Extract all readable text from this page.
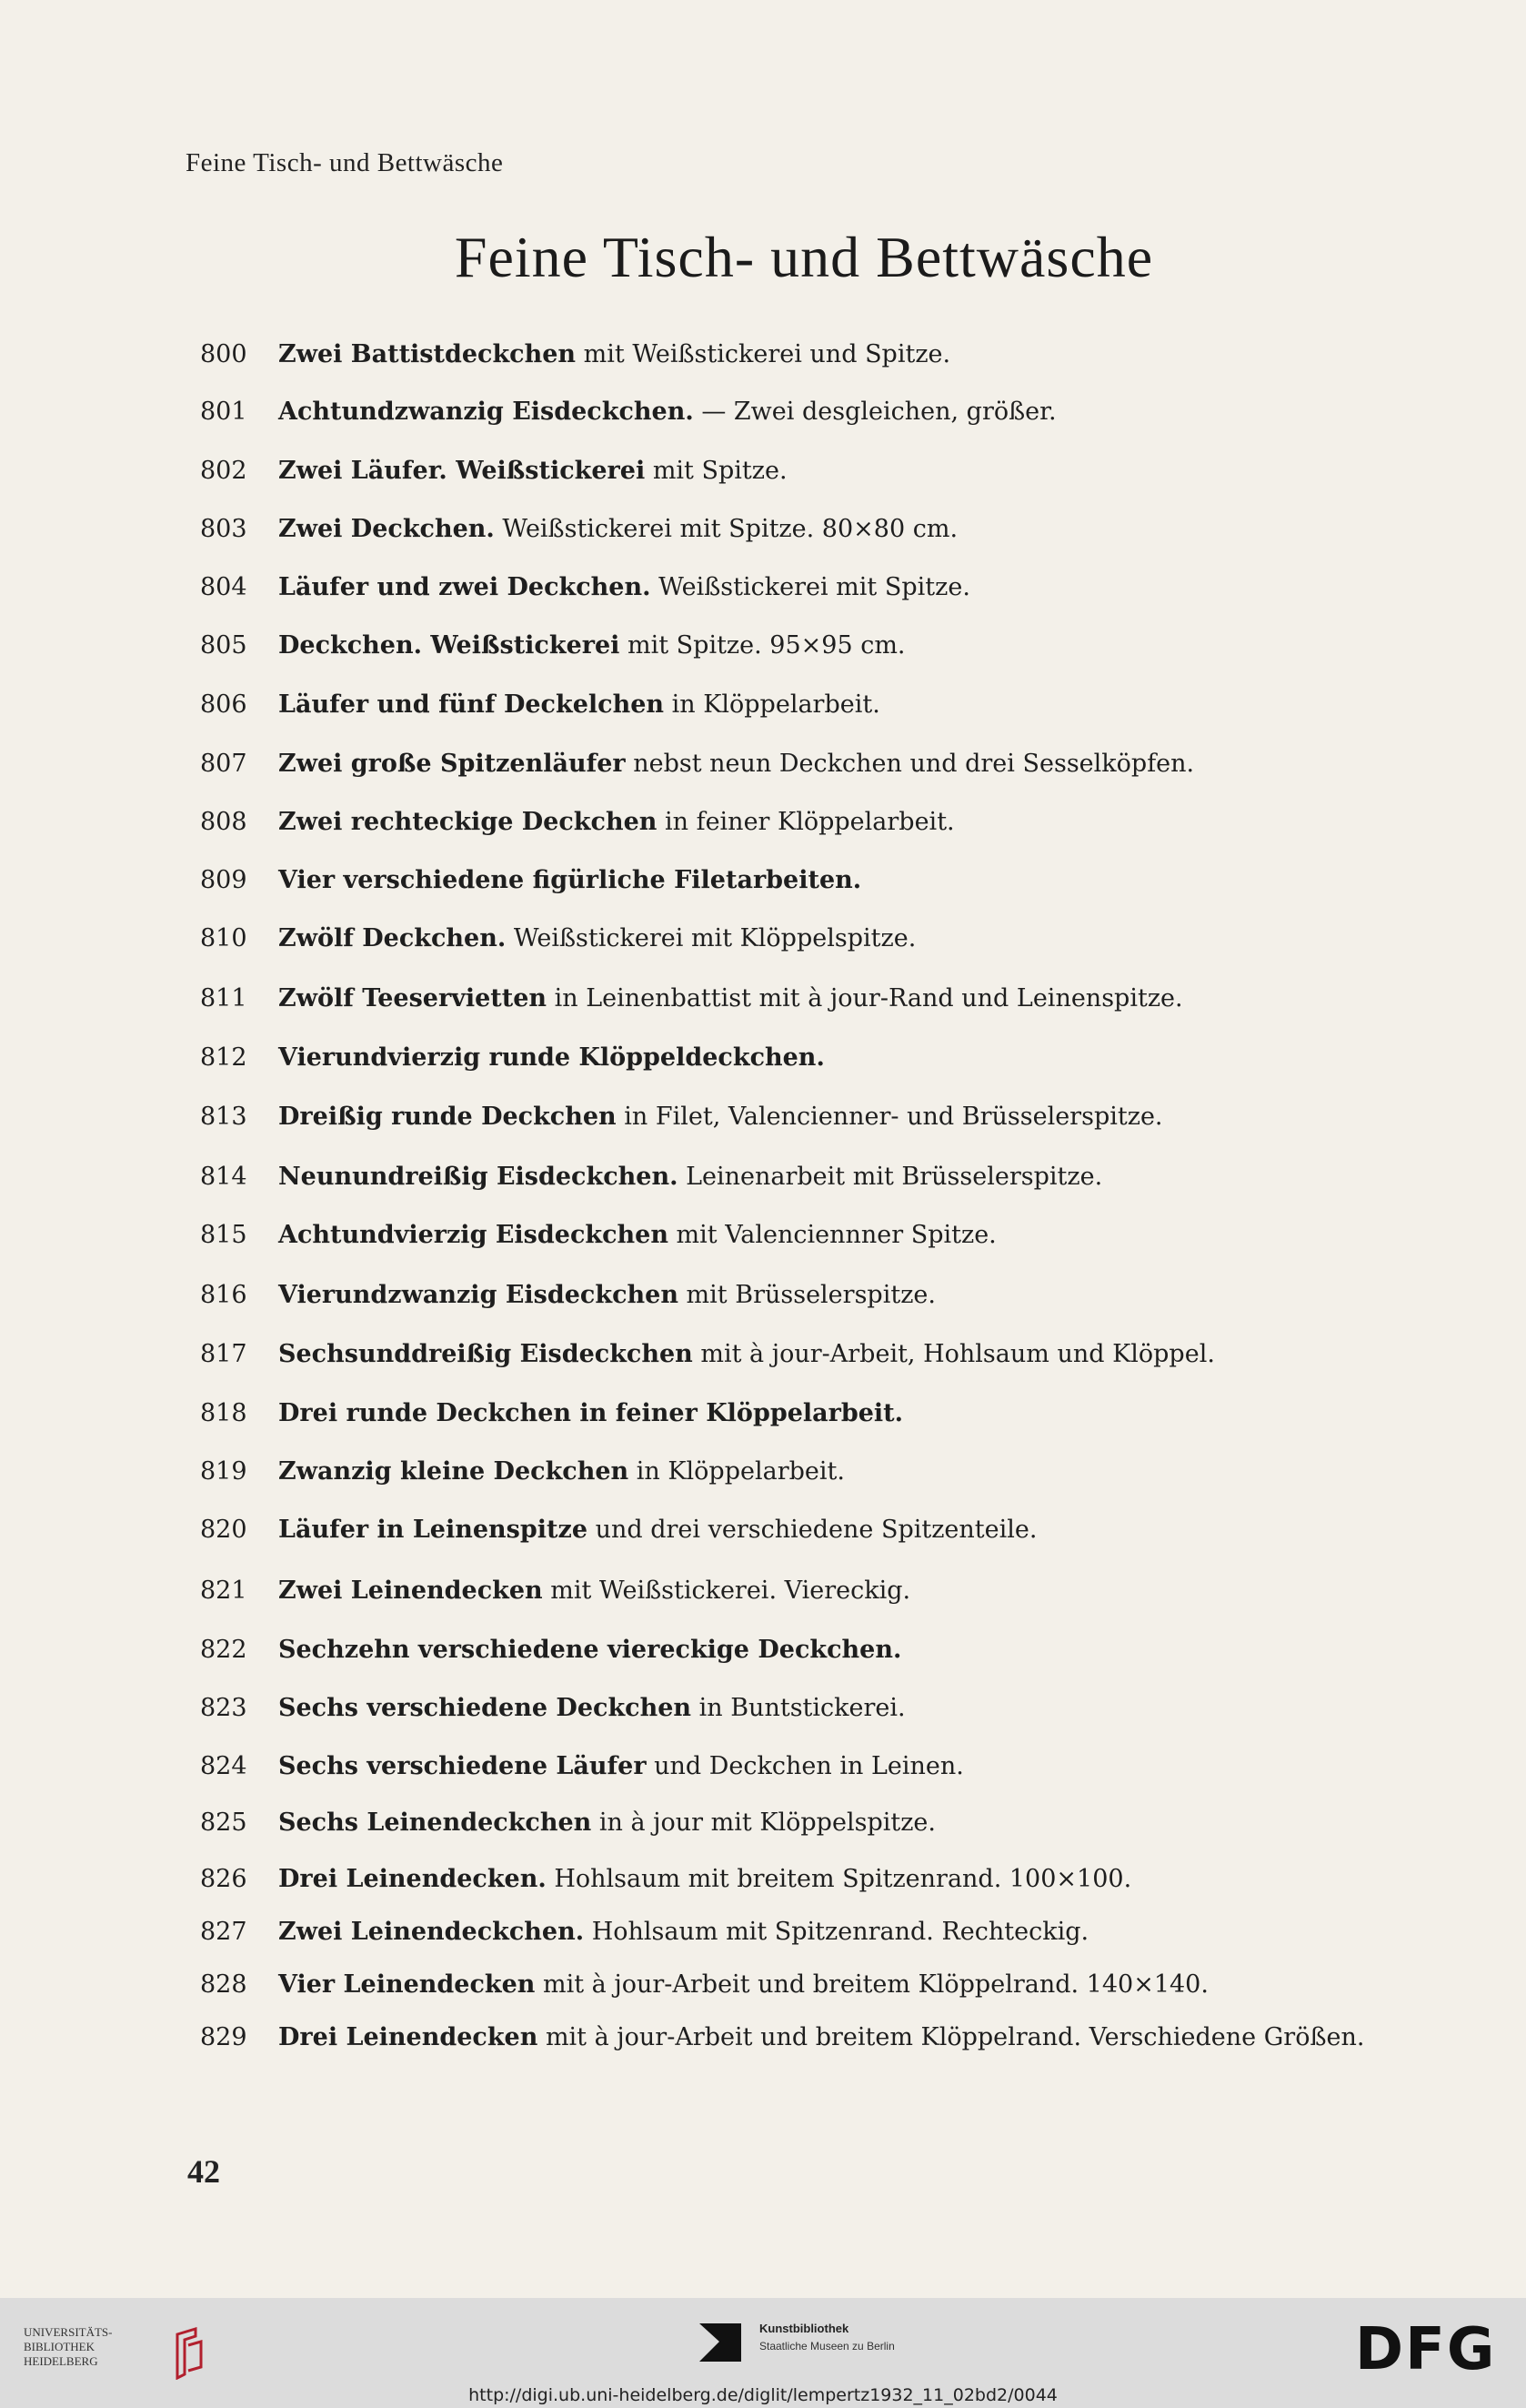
Feine Tisch- und Bettwäsche
Feine Tisch- und Bettwäsche
800	Zwei Battistdeckchen mit Weißstickerei und Spitze.
801	Achtundzwanzig Eisdeckchen. — Zwei desgleichen, größer.
802	Zwei Läufer. Weißstickerei mit Spitze.
803	Zwei Deckchen. Weißstickerei mit Spitze. 80×80 cm.
804	Läufer und zwei Deckchen. Weißstickerei mit Spitze.
805	Deckchen. Weißstickerei mit Spitze. 95×95 cm.
806	Läufer und fünf Deckelchen in Klöppelarbeit.
807	Zwei große Spitzenläufer nebst neun Deckchen und drei Sesselköpfen.
808	Zwei rechteckige Deckchen in feiner Klöppelarbeit.
809	Vier verschiedene figürliche Filetarbeiten.
810	Zwölf Deckchen. Weißstickerei mit Klöppelspitze.
811	Zwölf Teeservietten in Leinenbattist mit à jour-Rand und Leinenspitze.
812	Vierundvierzig runde Klöppeldeckchen.
813	Dreißig runde Deckchen in Filet, Valencienner- und Brüsselerspitze.
814	Neunundreißig Eisdeckchen. Leinenarbeit mit Brüsselerspitze.
815	Achtundvierzig Eisdeckchen mit Valenciennner Spitze.
816	Vierundzwanzig Eisdeckchen mit Brüsselerspitze.
817	Sechsunddreißig Eisdeckchen mit à jour-Arbeit, Hohlsaum und Klöppel.
818	Drei runde Deckchen in feiner Klöppelarbeit.
819	Zwanzig kleine Deckchen in Klöppelarbeit.
820	Läufer in Leinenspitze und drei verschiedene Spitzenteile.
821	Zwei Leinendecken mit Weißstickerei. Viereckig.
822	Sechzehn verschiedene viereckige Deckchen.
823	Sechs verschiedene Deckchen in Buntstickerei.
824	Sechs verschiedene Läufer und Deckchen in Leinen.
825	Sechs Leinendeckchen in à jour mit Klöppelspitze.
826	Drei Leinendecken. Hohlsaum mit breitem Spitzenrand. 100×100.
827	Zwei Leinendeckchen. Hohlsaum mit Spitzenrand. Rechteckig.
828	Vier Leinendecken mit à jour-Arbeit und breitem Klöppelrand. 140×140.
829	Drei Leinendecken mit à jour-Arbeit und breitem Klöppelrand. Verschiedene Größen.
42
UNIVERSITÄTS-
BIBLIOTHEK
HEIDELBERG
Kunstbibliothek
Staatliche Museen zu Berlin	DFG
http://digi.ub.uni-heidelberg.de/diglit/lempertz1932_11_02bd2/0044
